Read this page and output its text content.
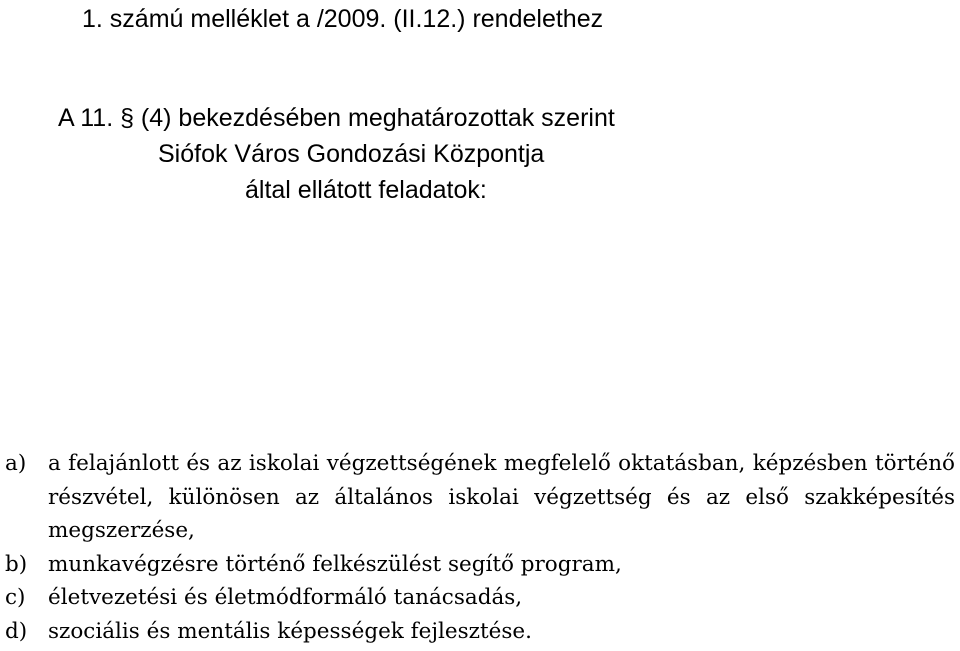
1. számú melléklet a /2009. (II.12.) rendelethez
A 11. § (4) bekezdésében meghatározottak szerint
Siófok Város Gondozási Központja
által ellátott feladatok:
a)	a felajánlott és az iskolai végzettségének megfelelő oktatásban, képzésben történő részvétel, különösen az általános iskolai végzettség és az első szakképesítés megszerzése,
b) munkavégzésre történő felkészülést segítő program,
c)	életvezetési és életmódformáló tanácsadás,
d) szociális és mentális képességek fejlesztése.
